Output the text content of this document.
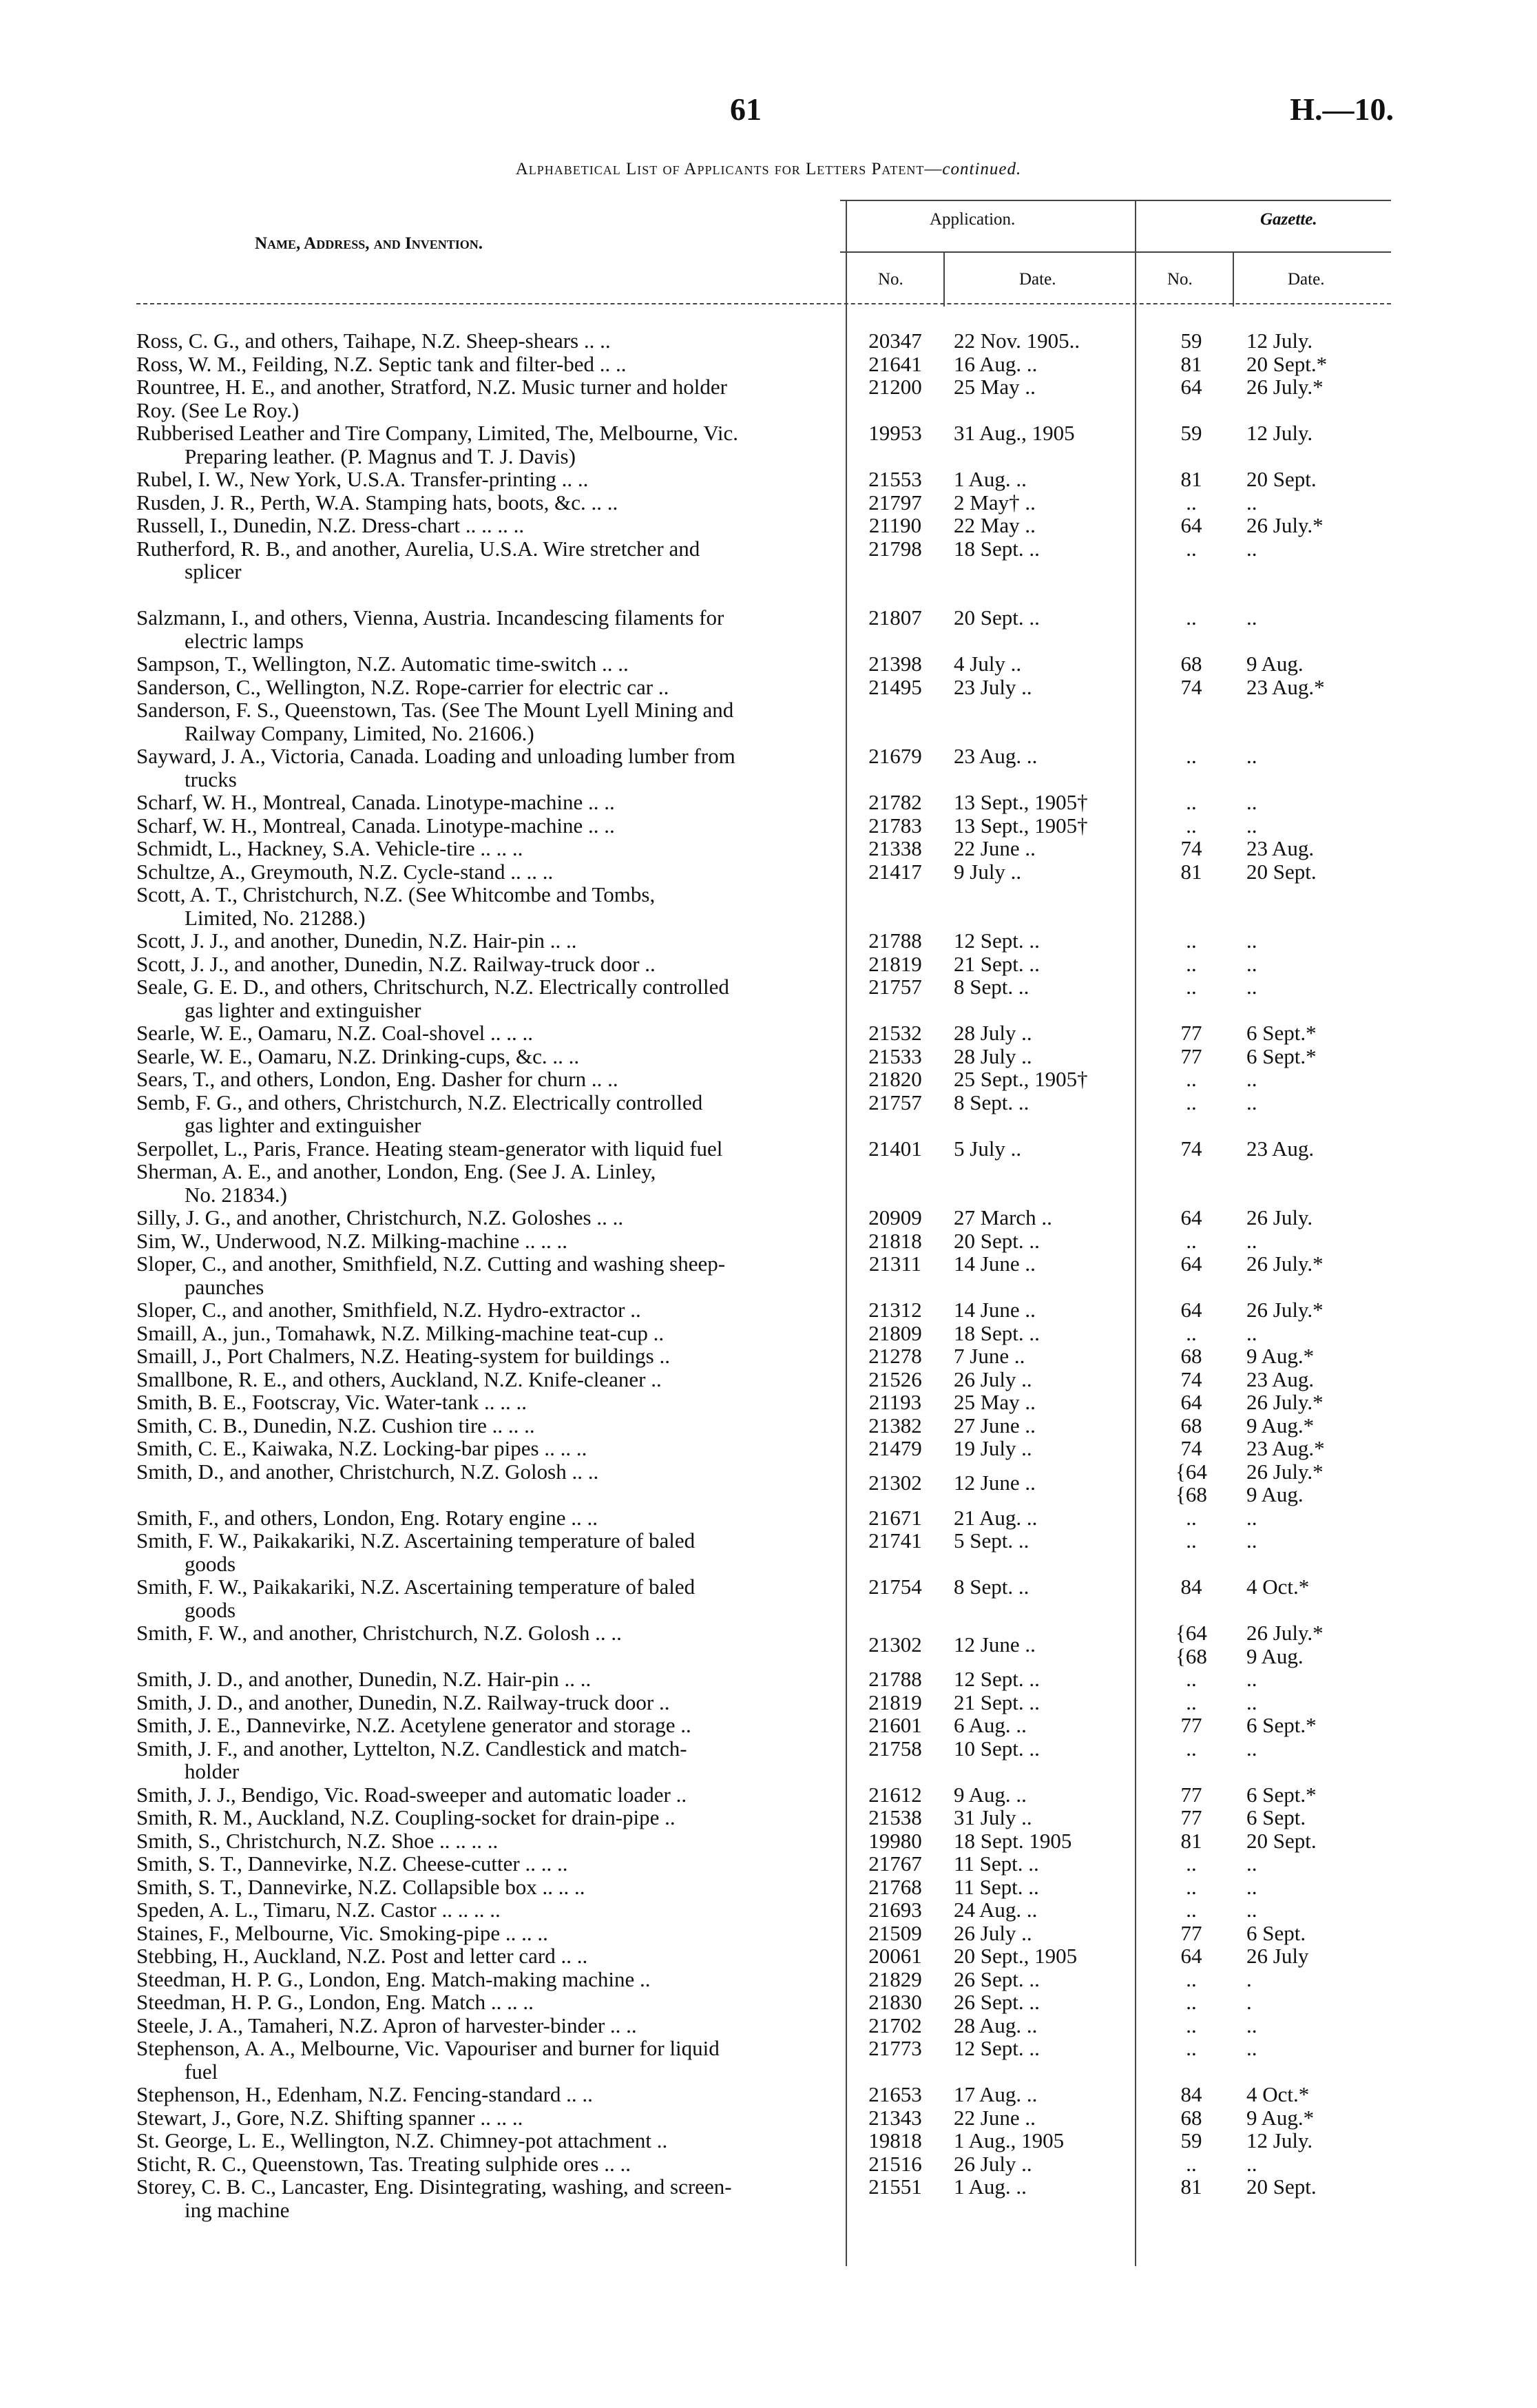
61	H.—10.
Alphabetical List of Applicants for Letters Patent—continued.
Name, Address, and Invention.
Application.	Gazette.
No.	Date.	No.	Date.
Ross, C. G., and others, Taihape, N.Z. Sheep-shears .. ..	20347	22 Nov. 1905..	59	12 July.
Ross, W. M., Feilding, N.Z. Septic tank and filter-bed .. ..	21641	16 Aug. ..	81	20 Sept.*
Rountree, H. E., and another, Stratford, N.Z. Music turner and holder	21200	25 May ..	64	26 July.*
Roy. (See Le Roy.)
Rubberised Leather and Tire Company, Limited, The, Melbourne, Vic.
Preparing leather. (P. Magnus and T. J. Davis)
19953	31 Aug., 1905	59	12 July.
Rubel, I. W., New York, U.S.A. Transfer-printing .. ..	21553	1 Aug. ..	81	20 Sept.
Rusden, J. R., Perth, W.A. Stamping hats, boots, &c. .. ..	21797	2 May† ..	..	..
Russell, I., Dunedin, N.Z. Dress-chart .. .. .. ..	21190	22 May ..	64	26 July.*
Rutherford, R. B., and another, Aurelia, U.S.A. Wire stretcher and
splicer
21798	18 Sept. ..	..	..
Salzmann, I., and others, Vienna, Austria. Incandescing filaments for
electric lamps
21807	20 Sept. ..	..	..
Sampson, T., Wellington, N.Z. Automatic time-switch .. ..	21398	4 July ..	68	9 Aug.
Sanderson, C., Wellington, N.Z. Rope-carrier for electric car ..	21495	23 July ..	74	23 Aug.*
Sanderson, F. S., Queenstown, Tas. (See The Mount Lyell Mining and
Railway Company, Limited, No. 21606.)
Sayward, J. A., Victoria, Canada. Loading and unloading lumber from
trucks
21679	23 Aug. ..	..	..
Scharf, W. H., Montreal, Canada. Linotype-machine .. ..	21782	13 Sept., 1905†	..	..
Scharf, W. H., Montreal, Canada. Linotype-machine .. ..	21783	13 Sept., 1905†	..	..
Schmidt, L., Hackney, S.A. Vehicle-tire .. .. ..	21338	22 June ..	74	23 Aug.
Schultze, A., Greymouth, N.Z. Cycle-stand .. .. ..	21417	9 July ..	81	20 Sept.
Scott, A. T., Christchurch, N.Z. (See Whitcombe and Tombs,
Limited, No. 21288.)
Scott, J. J., and another, Dunedin, N.Z. Hair-pin .. ..	21788	12 Sept. ..	..	..
Scott, J. J., and another, Dunedin, N.Z. Railway-truck door ..	21819	21 Sept. ..	..	..
Seale, G. E. D., and others, Chritschurch, N.Z. Electrically controlled
gas lighter and extinguisher
21757	8 Sept. ..	..	..
Searle, W. E., Oamaru, N.Z. Coal-shovel .. .. ..	21532	28 July ..	77	6 Sept.*
Searle, W. E., Oamaru, N.Z. Drinking-cups, &c. .. ..	21533	28 July ..	77	6 Sept.*
Sears, T., and others, London, Eng. Dasher for churn .. ..	21820	25 Sept., 1905†	..	..
Semb, F. G., and others, Christchurch, N.Z. Electrically controlled
gas lighter and extinguisher
21757	8 Sept. ..	..	..
Serpollet, L., Paris, France. Heating steam-generator with liquid fuel	21401	5 July ..	74	23 Aug.
Sherman, A. E., and another, London, Eng. (See J. A. Linley,
No. 21834.)
Silly, J. G., and another, Christchurch, N.Z. Goloshes .. ..	20909	27 March ..	64	26 July.
Sim, W., Underwood, N.Z. Milking-machine .. .. ..	21818	20 Sept. ..	..	..
Sloper, C., and another, Smithfield, N.Z. Cutting and washing sheep-
paunches
21311	14 June ..	64	26 July.*
Sloper, C., and another, Smithfield, N.Z. Hydro-extractor ..	21312	14 June ..	64	26 July.*
Smaill, A., jun., Tomahawk, N.Z. Milking-machine teat-cup ..	21809	18 Sept. ..	..	..
Smaill, J., Port Chalmers, N.Z. Heating-system for buildings ..	21278	7 June ..	68	9 Aug.*
Smallbone, R. E., and others, Auckland, N.Z. Knife-cleaner ..	21526	26 July ..	74	23 Aug.
Smith, B. E., Footscray, Vic. Water-tank .. .. ..	21193	25 May ..	64	26 July.*
Smith, C. B., Dunedin, N.Z. Cushion tire .. .. ..	21382	27 June ..	68	9 Aug.*
Smith, C. E., Kaiwaka, N.Z. Locking-bar pipes .. .. ..	21479	19 July ..	74	23 Aug.*
Smith, D., and another, Christchurch, N.Z. Golosh .. ..	21302	12 June ..	{64	26 July.*
{68	9 Aug.
Smith, F., and others, London, Eng. Rotary engine .. ..	21671	21 Aug. ..	..	..
Smith, F. W., Paikakariki, N.Z. Ascertaining temperature of baled
goods
21741	5 Sept. ..	..	..
Smith, F. W., Paikakariki, N.Z. Ascertaining temperature of baled
goods
21754	8 Sept. ..	84	4 Oct.*
Smith, F. W., and another, Christchurch, N.Z. Golosh .. ..	21302	12 June ..	{64	26 July.*
{68	9 Aug.
Smith, J. D., and another, Dunedin, N.Z. Hair-pin .. ..	21788	12 Sept. ..	..	..
Smith, J. D., and another, Dunedin, N.Z. Railway-truck door ..	21819	21 Sept. ..	..	..
Smith, J. E., Dannevirke, N.Z. Acetylene generator and storage ..	21601	6 Aug. ..	77	6 Sept.*
Smith, J. F., and another, Lyttelton, N.Z. Candlestick and match-
holder
21758	10 Sept. ..	..	..
Smith, J. J., Bendigo, Vic. Road-sweeper and automatic loader ..	21612	9 Aug. ..	77	6 Sept.*
Smith, R. M., Auckland, N.Z. Coupling-socket for drain-pipe ..	21538	31 July ..	77	6 Sept.
Smith, S., Christchurch, N.Z. Shoe .. .. .. ..	19980	18 Sept. 1905	81	20 Sept.
Smith, S. T., Dannevirke, N.Z. Cheese-cutter .. .. ..	21767	11 Sept. ..	..	..
Smith, S. T., Dannevirke, N.Z. Collapsible box .. .. ..	21768	11 Sept. ..	..	..
Speden, A. L., Timaru, N.Z. Castor .. .. .. ..	21693	24 Aug. ..	..	..
Staines, F., Melbourne, Vic. Smoking-pipe .. .. ..	21509	26 July ..	77	6 Sept.
Stebbing, H., Auckland, N.Z. Post and letter card .. ..	20061	20 Sept., 1905	64	26 July
Steedman, H. P. G., London, Eng. Match-making machine ..	21829	26 Sept. ..	..	.
Steedman, H. P. G., London, Eng. Match .. .. ..	21830	26 Sept. ..	..	.
Steele, J. A., Tamaheri, N.Z. Apron of harvester-binder .. ..	21702	28 Aug. ..	..	..
Stephenson, A. A., Melbourne, Vic. Vapouriser and burner for liquid
fuel
21773	12 Sept. ..	..	..
Stephenson, H., Edenham, N.Z. Fencing-standard .. ..	21653	17 Aug. ..	84	4 Oct.*
Stewart, J., Gore, N.Z. Shifting spanner .. .. ..	21343	22 June ..	68	9 Aug.*
St. George, L. E., Wellington, N.Z. Chimney-pot attachment ..	19818	1 Aug., 1905	59	12 July.
Sticht, R. C., Queenstown, Tas. Treating sulphide ores .. ..	21516	26 July ..	..	..
Storey, C. B. C., Lancaster, Eng. Disintegrating, washing, and screen-
ing machine
21551	1 Aug. ..	81	20 Sept.
